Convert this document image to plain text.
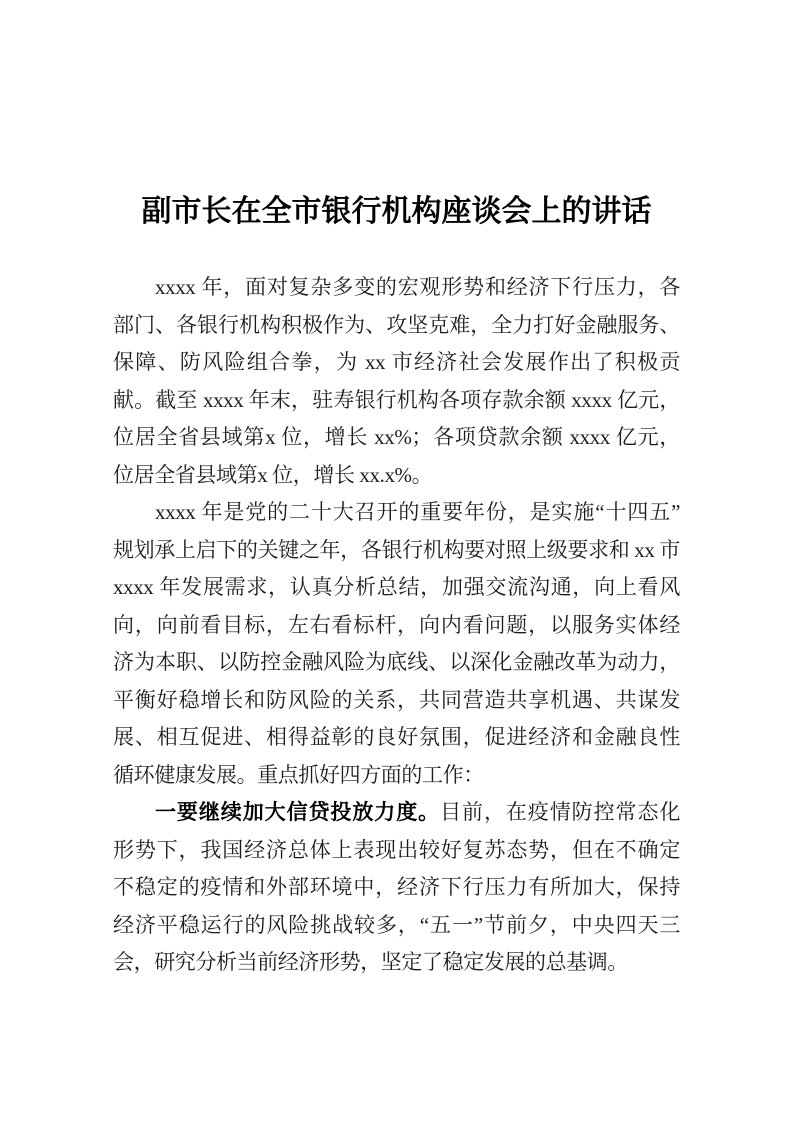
副市长在全市银行机构座谈会上的讲话
xxxx 年，面对复杂多变的宏观形势和经济下行压力，各
部门、各银行机构积极作为、攻坚克难，全力打好金融服务、
保障、防风险组合拳，为 xx 市经济社会发展作出了积极贡
献。截至 xxxx 年末，驻寿银行机构各项存款余额 xxxx 亿元，
位居全省县域第x 位，增长 xx%；各项贷款余额 xxxx 亿元，
位居全省县域第x 位，增长 xx.x%。
xxxx 年是党的二十大召开的重要年份，是实施“十四五”
规划承上启下的关键之年，各银行机构要对照上级要求和 xx 市
xxxx 年发展需求，认真分析总结，加强交流沟通，向上看风
向，向前看目标，左右看标杆，向内看问题，以服务实体经
济为本职、以防控金融风险为底线、以深化金融改革为动力，
平衡好稳增长和防风险的关系，共同营造共享机遇、共谋发
展、相互促进、相得益彰的良好氛围，促进经济和金融良性
循环健康发展。重点抓好四方面的工作：
一要继续加大信贷投放力度。目前，在疫情防控常态化
形势下，我国经济总体上表现出较好复苏态势，但在不确定
不稳定的疫情和外部环境中，经济下行压力有所加大，保持
经济平稳运行的风险挑战较多，“五一”节前夕，中央四天三
会，研究分析当前经济形势，坚定了稳定发展的总基调。
